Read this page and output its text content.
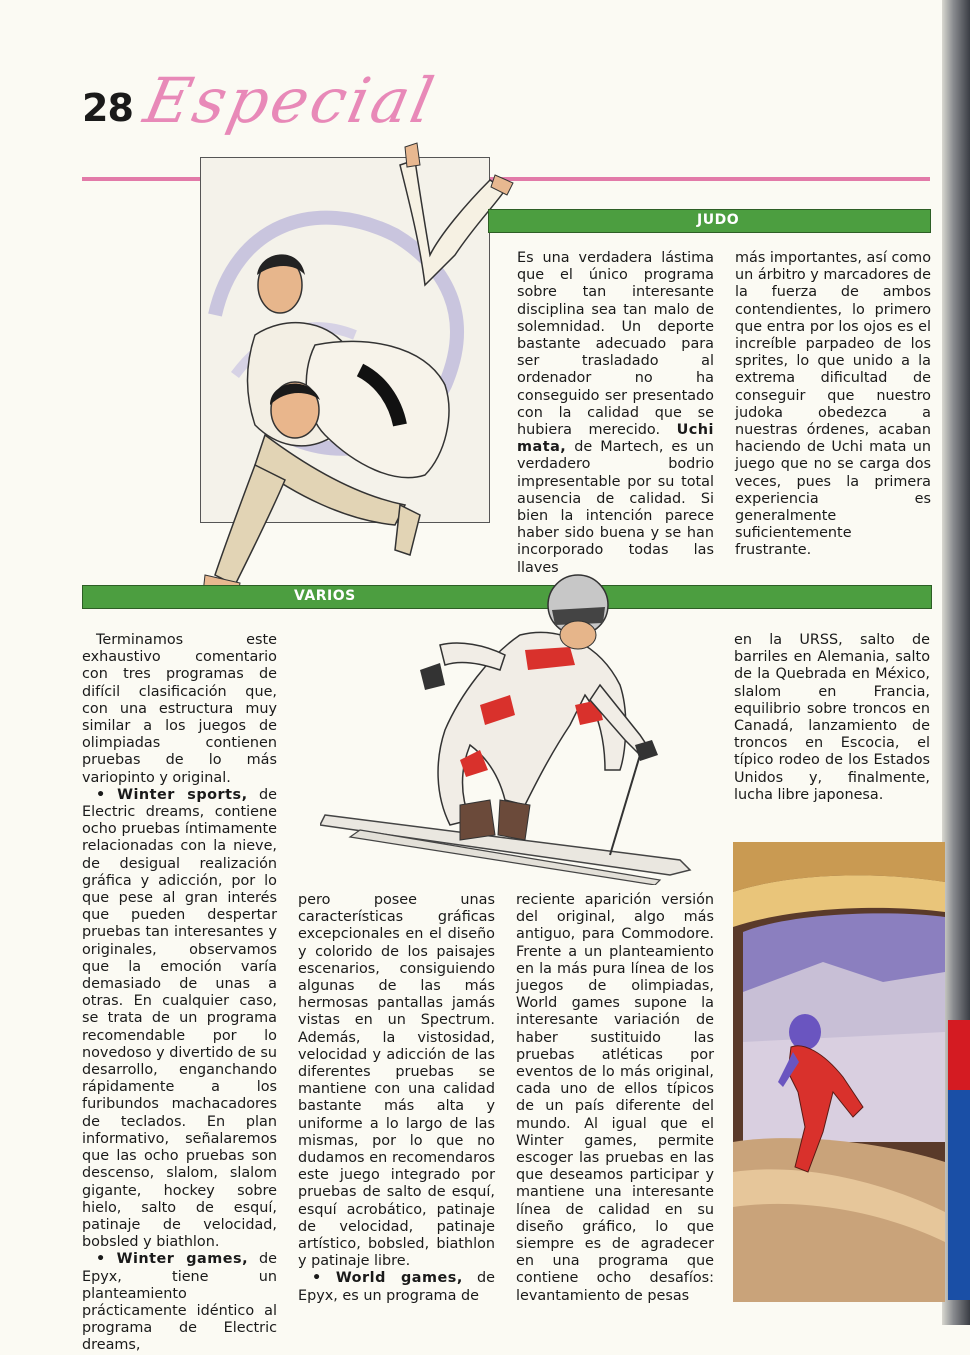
28 Especial
JUDO

Es una verdadera lástima que el único programa sobre tan interesante disciplina sea tan malo de solemnidad. Un deporte bastante adecuado para ser trasladado al ordenador no ha conseguido ser presentado con la calidad que se hubiera merecido. Uchi mata, de Martech, es un verdadero bodrio impresentable por su total ausencia de calidad. Si bien la intención parece haber sido buena y se han incorporado todas las llaves

más importantes, así como un árbitro y marcadores de la fuerza de ambos contendientes, lo primero que entra por los ojos es el increíble parpadeo de los sprites, lo que unido a la extrema dificultad de conseguir que nuestro judoka obedezca a nuestras órdenes, acaban haciendo de Uchi mata un juego que no se carga dos veces, pues la primera experiencia es generalmente suficientemente frustrante.

VARIOS

Terminamos este exhaustivo comentario con tres programas de difícil clasificación que, con una estructura muy similar a los juegos de olimpiadas contienen pruebas de lo más variopinto y original.

• Winter sports, de Electric dreams, contiene ocho pruebas íntimamente relacionadas con la nieve, de desigual realización gráfica y adicción, por lo que pese al gran interés que pueden despertar pruebas tan interesantes y originales, observamos que la emoción varía demasiado de unas a otras. En cualquier caso, se trata de un programa recomendable por lo novedoso y divertido de su desarrollo, enganchando rápidamente a los furibundos machacadores de teclados. En plan informativo, señalaremos que las ocho pruebas son descenso, slalom, slalom gigante, hockey sobre hielo, salto de esquí, patinaje de velocidad, bobsled y biathlon.

• Winter games, de Epyx, tiene un planteamiento prácticamente idéntico al programa de Electric dreams,

pero posee unas características gráficas excepcionales en el diseño y colorido de los paisajes escenarios, consiguiendo algunas de las más hermosas pantallas jamás vistas en un Spectrum. Además, la vistosidad, velocidad y adicción de las diferentes pruebas se mantiene con una calidad bastante más alta y uniforme a lo largo de las mismas, por lo que no dudamos en recomendaros este juego integrado por pruebas de salto de esquí, esquí acrobático, patinaje de velocidad, patinaje artístico, bobsled, biathlon y patinaje libre.

• World games, de Epyx, es un programa de

reciente aparición versión del original, algo más antiguo, para Commodore. Frente a un planteamiento en la más pura línea de los juegos de olimpiadas, World games supone la interesante variación de haber sustituido las pruebas atléticas por eventos de lo más original, cada uno de ellos típicos de un país diferente del mundo. Al igual que el Winter games, permite escoger las pruebas en las que deseamos participar y mantiene una interesante línea de calidad en su diseño gráfico, lo que siempre es de agradecer en una programa que contiene ocho desafíos: levantamiento de pesas

en la URSS, salto de barriles en Alemania, salto de la Quebrada en México, slalom en Francia, equilibrio sobre troncos en Canadá, lanzamiento de troncos en Escocia, el típico rodeo de los Estados Unidos y, finalmente, lucha libre japonesa.
